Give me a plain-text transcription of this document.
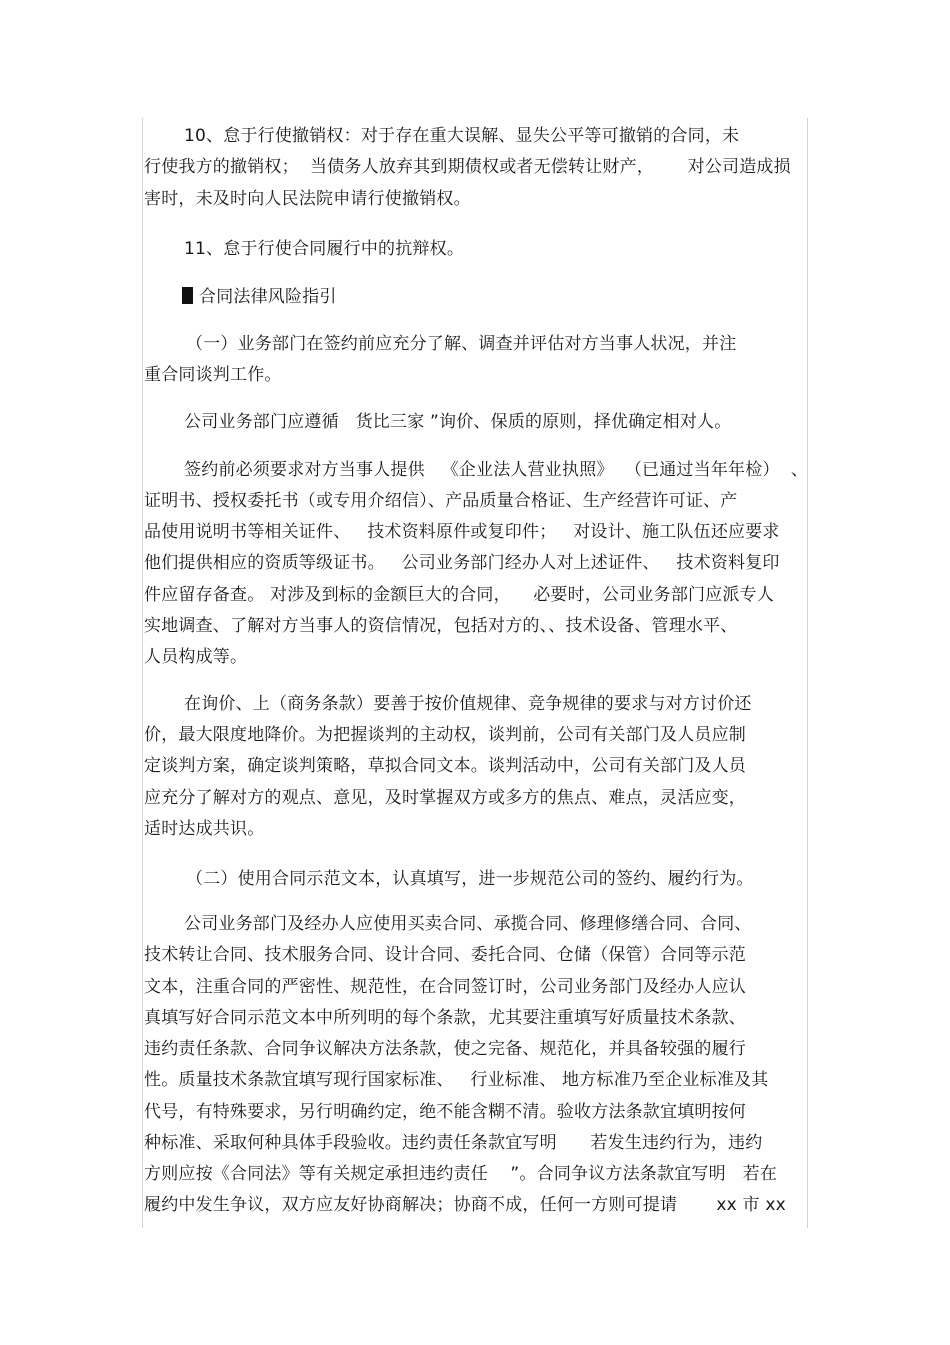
10、怠于行使撤销权：对于存在重大误解、显失公平等可撤销的合同，未
行使我方的撤销权；  当债务人放弃其到期债权或者无偿转让财产，      对公司造成损
害时，未及时向人民法院申请行使撤销权。
11、怠于行使合同履行中的抗辩权。
合同法律风险指引
（一）业务部门在签约前应充分了解、调查并评估对方当事人状况，并注
重合同谈判工作。
公司业务部门应遵循   货比三家 ”询价、保质的原则，择优确定相对人。
签约前必须要求对方当事人提供   《企业法人营业执照》  （已通过当年年检）  、
证明书、授权委托书（或专用介绍信）、产品质量合格证、生产经营许可证、产
品使用说明书等相关证件、   技术资料原件或复印件；   对设计、施工队伍还应要求
他们提供相应的资质等级证书。   公司业务部门经办人对上述证件、   技术资料复印
件应留存备查。 对涉及到标的金额巨大的合同，    必要时，公司业务部门应派专人
实地调查、了解对方当事人的资信情况，包括对方的、、技术设备、管理水平、
人员构成等。
在询价、上（商务条款）要善于按价值规律、竞争规律的要求与对方讨价还
价，最大限度地降价。为把握谈判的主动权，谈判前，公司有关部门及人员应制
定谈判方案，确定谈判策略，草拟合同文本。谈判活动中，公司有关部门及人员
应充分了解对方的观点、意见，及时掌握双方或多方的焦点、难点，灵活应变，
适时达成共识。
（二）使用合同示范文本，认真填写，进一步规范公司的签约、履约行为。
公司业务部门及经办人应使用买卖合同、承揽合同、修理修缮合同、合同、
技术转让合同、技术服务合同、设计合同、委托合同、仓储（保管）合同等示范
文本，注重合同的严密性、规范性，在合同签订时，公司业务部门及经办人应认
真填写好合同示范文本中所列明的每个条款，尤其要注重填写好质量技术条款、
违约责任条款、合同争议解决方法条款，使之完备、规范化，并具备较强的履行
性。质量技术条款宜填写现行国家标准、   行业标准、 地方标准乃至企业标准及其
代号，有特殊要求，另行明确约定，绝不能含糊不清。验收方法条款宜填明按何
种标准、采取何种具体手段验收。违约责任条款宜写明      若发生违约行为，违约
方则应按《合同法》等有关规定承担违约责任    ”。合同争议方法条款宜写明   若在
履约中发生争议，双方应友好协商解决；协商不成，任何一方则可提请       xx 市 xx
